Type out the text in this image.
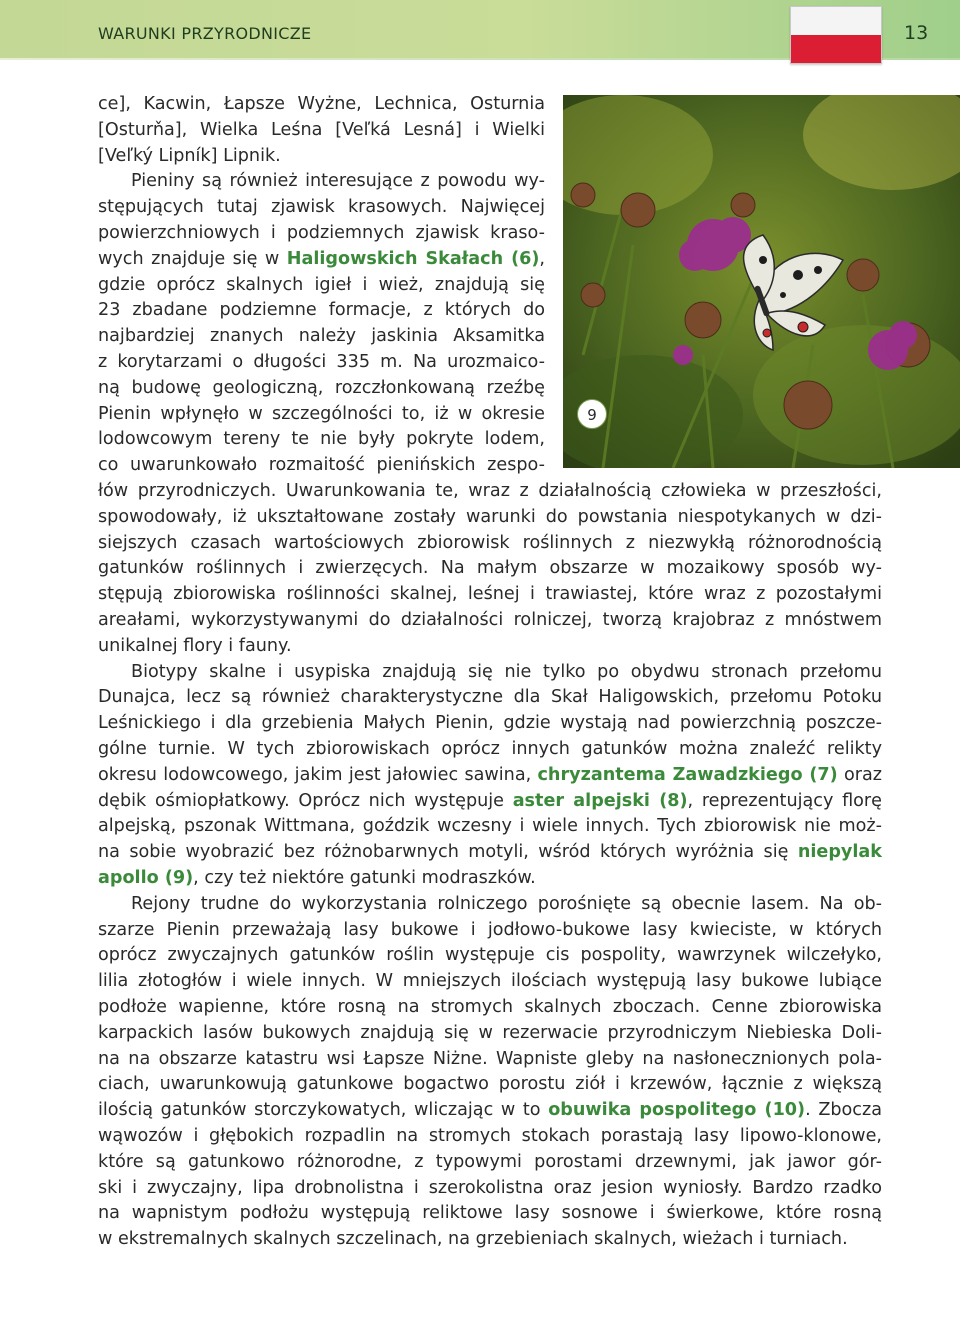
WARUNKI PRZYRODNICZE	13
9
ce], Kacwin, Łapsze Wyżne, Lechnica, Osturnia
[Osturňa], Wielka Leśna [Veľká Lesná] i Wielki
[Veľký Lipník] Lipnik.
Pieniny są również interesujące z powodu wy-
stępujących tutaj zjawisk krasowych. Najwięcej
powierzchniowych i podziemnych zjawisk kraso-
wych znajduje się w Haligowskich Skałach (6),
gdzie oprócz skalnych igieł i wież, znajdują się
23 zbadane podziemne formacje, z których do
najbardziej znanych należy jaskinia Aksamitka
z korytarzami o długości 335 m. Na urozmaico-
ną budowę geologiczną, rozczłonkowaną rzeźbę
Pienin wpłynęło w szczególności to, iż w okresie
lodowcowym tereny te nie były pokryte lodem,
co uwarunkowało rozmaitość pienińskich zespo-
łów przyrodniczych. Uwarunkowania te, wraz z działalnością człowieka w przeszłości,
spowodowały, iż ukształtowane zostały warunki do powstania niespotykanych w dzi-
siejszych czasach wartościowych zbiorowisk roślinnych z niezwykłą różnorodnością
gatunków roślinnych i zwierzęcych. Na małym obszarze w mozaikowy sposób wy-
stępują zbiorowiska roślinności skalnej, leśnej i trawiastej, które wraz z pozostałymi
areałami, wykorzystywanymi do działalności rolniczej, tworzą krajobraz z mnóstwem
unikalnej flory i fauny.
Biotypy skalne i usypiska znajdują się nie tylko po obydwu stronach przełomu
Dunajca, lecz są również charakterystyczne dla Skał Haligowskich, przełomu Potoku
Leśnickiego i dla grzebienia Małych Pienin, gdzie wystają nad powierzchnią poszcze-
gólne turnie. W tych zbiorowiskach oprócz innych gatunków można znaleźć relikty
okresu lodowcowego, jakim jest jałowiec sawina, chryzantema Zawadzkiego (7) oraz
dębik ośmiopłatkowy. Oprócz nich występuje aster alpejski (8), reprezentujący florę
alpejską, pszonak Wittmana, goździk wczesny i wiele innych. Tych zbiorowisk nie moż-
na sobie wyobrazić bez różnobarwnych motyli, wśród których wyróżnia się niepylak
apollo (9), czy też niektóre gatunki modraszków.
Rejony trudne do wykorzystania rolniczego porośnięte są obecnie lasem. Na ob-
szarze Pienin przeważają lasy bukowe i jodłowo-bukowe lasy kwieciste, w których
oprócz zwyczajnych gatunków roślin występuje cis pospolity, wawrzynek wilczełyko,
lilia złotogłów i wiele innych. W mniejszych ilościach występują lasy bukowe lubiące
podłoże wapienne, które rosną na stromych skalnych zboczach. Cenne zbiorowiska
karpackich lasów bukowych znajdują się w rezerwacie przyrodniczym Niebieska Doli-
na na obszarze katastru wsi Łapsze Niżne. Wapniste gleby na nasłonecznionych pola-
ciach, uwarunkowują gatunkowe bogactwo porostu ziół i krzewów, łącznie z większą
ilością gatunków storczykowatych, wliczając w to obuwika pospolitego (10). Zbocza
wąwozów i głębokich rozpadlin na stromych stokach porastają lasy lipowo-klonowe,
które są gatunkowo różnorodne, z typowymi porostami drzewnymi, jak jawor gór-
ski i zwyczajny, lipa drobnolistna i szerokolistna oraz jesion wyniosły. Bardzo rzadko
na wapnistym podłożu występują reliktowe lasy sosnowe i świerkowe, które rosną
w ekstremalnych skalnych szczelinach, na grzebieniach skalnych, wieżach i turniach.
